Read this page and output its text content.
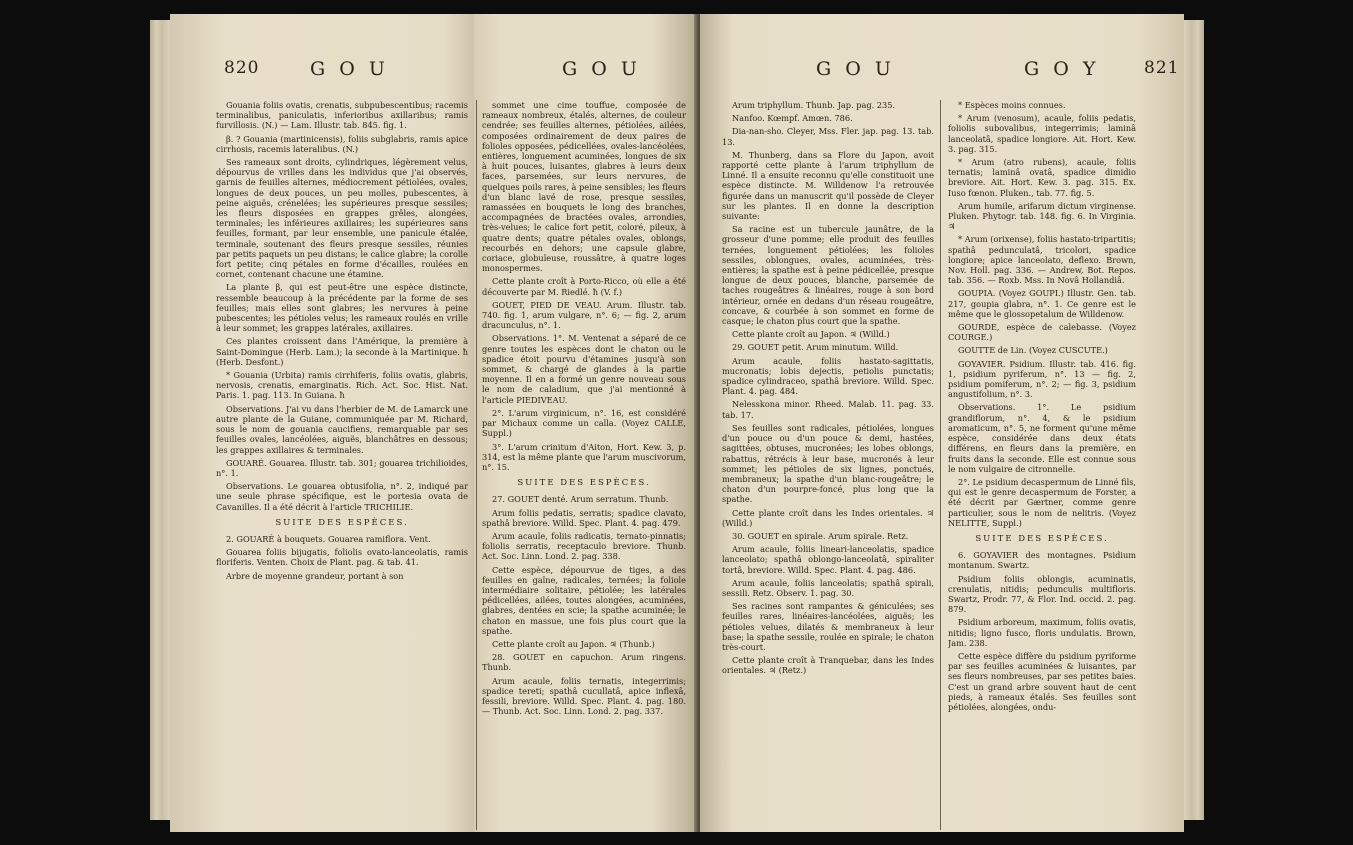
820	G O U

Gouania foliis ovatis, crenatis, subpubescentibus; racemis terminalibus, paniculatis, inferioribus axillaribus; ramis furvillosis. (N.) — Lam. Illustr. tab. 845. fig. 1.

β. ? Gouania (martinicensis), foliis subglabris, ramis apice cirrhosis, racemis lateralibus. (N.)

Ses rameaux sont droits, cylindriques, légèrement velus, dépourvus de vrilles dans les individus que j'ai observés, garnis de feuilles alternes, médiocrement pétiolées, ovales, longues de deux pouces, un peu molles, pubescentes, à peine aiguës, crénelées; les supérieures presque sessiles; les fleurs disposées en grappes grêles, alongées, terminales; les inférieures axillaires; les supérieures sans feuilles, formant, par leur ensemble, une panicule étalée, terminale, soutenant des fleurs presque sessiles, réunies par petits paquets un peu distans; le calice glabre; la corolle fort petite; cinq pétales en forme d'écailles, roulées en cornet, contenant chacune une étamine.

La plante β, qui est peut-être une espèce distincte, ressemble beaucoup à la précédente par la forme de ses feuilles; mais elles sont glabres; les nervures à peine pubescentes; les pétioles velus; les rameaux roulés en vrille à leur sommet; les grappes latérales, axillaires.

Ces plantes croissent dans l'Amérique, la première à Saint-Domingue (Herb. Lam.); la seconde à la Martinique. ħ (Herb. Desfont.)

* Gouania (Urbita) ramis cirrhiferis, foliis ovatis, glabris, nervosis, crenatis, emarginatis. Rich. Act. Soc. Hist. Nat. Paris. 1. pag. 113. In Guiana. ħ

Observations. J'ai vu dans l'herbier de M. de Lamarck une autre plante de la Guiane, communiquée par M. Richard, sous le nom de gouania caucifiens, remarquable par ses feuilles ovales, lancéolées, aiguës, blanchâtres en dessous; les grappes axillaires & terminales.

GOUARÉ. Gouarea. Illustr. tab. 301; gouarea trichilioides, n°. 1.

Observations. Le gouarea obtusifolia, n°. 2, indiqué par une seule phrase spécifique, est le portesia ovata de Cavanilles. Il a été décrit à l'article TRICHILIE.

SUITE DES ESPÈCES.

2. GOUARÉ à bouquets. Gouarea ramiflora. Vent.

Gouarea foliis bijugatis, foliolis ovato-lanceolatis, ramis floriferis. Venten. Choix de Plant. pag. & tab. 41.

Arbre de moyenne grandeur, portant à son

G O U

sommet une cime touffue, composée de rameaux nombreux, étalés, alternes, de couleur cendrée; ses feuilles alternes, pétiolées, ailées, composées ordinairement de deux paires de folioles opposées, pédicellées, ovales-lancéolées, entières, longuement acuminées, longues de six à huit pouces, luisantes, glabres à leurs deux faces, parsemées, sur leurs nervures, de quelques poils rares, à peine sensibles; les fleurs d'un blanc lavé de rose, presque sessiles, ramassées en bouquets le long des branches, accompagnées de bractées ovales, arrondies, très-velues; le calice fort petit, coloré, pileux, à quatre dents; quatre pétales ovales, oblongs, recourbés en dehors; une capsule glabre, coriace, globuleuse, roussâtre, à quatre loges monospermes.

Cette plante croît à Porto-Ricco, où elle a été découverte par M. Riedlé. ħ (V. f.)

GOUET, PIED DE VEAU. Arum. Illustr. tab. 740. fig. 1, arum vulgare, n°. 6; — fig. 2, arum dracunculus, n°. 1.

Observations. 1°. M. Ventenat a séparé de ce genre toutes les espèces dont le chaton ou le spadice étoit pourvu d'étamines jusqu'à son sommet, & chargé de glandes à la partie moyenne. Il en a formé un genre nouveau sous le nom de caladium, que j'ai mentionné à l'article PIEDIVEAU.

2°. L'arum virginicum, n°. 16, est considéré par Michaux comme un calla. (Voyez CALLE, Suppl.)

3°. L'arum crinitum d'Aiton, Hort. Kew. 3, p. 314, est la même plante que l'arum muscivorum, n°. 15.

SUITE DES ESPÈCES.

27. GOUET denté. Arum serratum. Thunb.

Arum foliis pedatis, serratis; spadice clavato, spathâ breviore. Willd. Spec. Plant. 4. pag. 479.

Arum acaule, foliis radicatis, ternato-pinnatis; foliolis serratis, receptaculo breviore. Thunb. Act. Soc. Linn. Lond. 2. pag. 338.

Cette espèce, dépourvue de tiges, a des feuilles en gaîne, radicales, ternées; la foliole intermédiaire solitaire, pétiolée; les latérales pédicellées, ailées, toutes alongées, acuminées, glabres, dentées en scie; la spathe acuminée; le chaton en massue, une fois plus court que la spathe.

Cette plante croît au Japon. ♃ (Thunb.)

28. GOUET en capuchon. Arum ringens. Thunb.

Arum acaule, foliis ternatis, integerrimis; spadice tereti; spathâ cucullatâ, apice inflexâ, fessili, breviore. Willd. Spec. Plant. 4. pag. 180. — Thunb. Act. Soc. Linn. Lond. 2. pag. 337.

G O U

Arum triphyllum. Thunb. Jap. pag. 235.

Nanfoo. Kœmpf. Amœn. 786.

Dia-nan-sho. Cleyer, Mss. Fler. jap. pag. 13. tab. 13.

M. Thunberg, dans sa Flore du Japon, avoit rapporté cette plante à l'arum triphyllum de Linné. Il a ensuite reconnu qu'elle constituoit une espèce distincte. M. Willdenow l'a retrouvée figurée dans un manuscrit qu'il possède de Cleyer sur les plantes. Il en donne la description suivante:

Sa racine est un tubercule jaunâtre, de la grosseur d'une pomme; elle produit des feuilles ternées, longuement pétiolées; les folioles sessiles, oblongues, ovales, acuminées, très-entières; la spathe est à peine pédicellée, presque longue de deux pouces, blanche, parsemée de taches rougeâtres & linéaires, rouge à son bord intérieur, ornée en dedans d'un réseau rougeâtre, concave, & courbée à son sommet en forme de casque; le chaton plus court que la spathe.

Cette plante croît au Japon. ♃ (Willd.)

29. GOUET petit. Arum minutum. Willd.

Arum acaule, foliis hastato-sagittatis, mucronatis; lobis dejectis, petiolis punctatis; spadice cylindraceo, spathâ breviore. Willd. Spec. Plant. 4. pag. 484.

Nelesskona minor. Rheed. Malab. 11. pag. 33. tab. 17.

Ses feuilles sont radicales, pétiolées, longues d'un pouce ou d'un pouce & demi, hastées, sagittées, obtuses, mucronées; les lobes oblongs, rabattus, rétrécis à leur base, mucronés à leur sommet; les pétioles de six lignes, ponctués, membraneux; la spathe d'un blanc-rougeâtre; le chaton d'un pourpre-foncé, plus long que la spathe.

Cette plante croît dans les Indes orientales. ♃ (Willd.)

30. GOUET en spirale. Arum spirale. Retz.

Arum acaule, foliis lineari-lanceolatis, spadice lanceolato; spathâ oblongo-lanceolatâ, spiraliter tortâ, breviore. Willd. Spec. Plant. 4. pag. 486.

Arum acaule, foliis lanceolatis; spathâ spirali, sessili. Retz. Observ. 1. pag. 30.

Ses racines sont rampantes & géniculées; ses feuilles rares, linéaires-lancéolées, aiguës; les pétioles velues, dilatés & membraneux à leur base; la spathe sessile, roulée en spirale; le chaton très-court.

Cette plante croît à Tranquebar, dans les Indes orientales. ♃ (Retz.)

G O Y	821

* Espèces moins connues.

* Arum (venosum), acaule, foliis pedatis, foliolis subovalibus, integerrimis; laminâ lanceolatâ, spadice longiore. Ait. Hort. Kew. 3. pag. 315.

* Arum (atro rubens), acaule, foliis ternatis; laminâ ovatâ, spadice dimidio breviore. Ait. Hort. Kew. 3. pag. 315. Ex. Iuso fœnon. Pluken., tab. 77. fig. 5.

Arum humile, arifarum dictum virginense. Pluken. Phytogr. tab. 148. fig. 6. In Virginia. ♃

* Arum (orixense), foliis hastato-tripartitis; spathâ pedunculatâ, tricolori, spadice longiore; apice lanceolato, deflexo. Brown, Nov. Holl. pag. 336. — Andrew, Bot. Repos. tab. 356. — Roxb. Mss. In Novâ Hollandiâ.

GOUPIA. (Voyez GOUPI.) Illustr. Gen. tab. 217, goupia glabra, n°. 1. Ce genre est le même que le glossopetalum de Willdenow.

GOURDE, espèce de calebasse. (Voyez COURGE.)

GOUTTE de Lin. (Voyez CUSCUTE.)

GOYAVIER. Psidium. Illustr. tab. 416. fig. 1, psidium pyriferum, n°. 13 — fig. 2, psidium pomiferum, n°. 2; — fig. 3, psidium angustifolium, n°. 3.

Observations. 1°. Le psidium grandiflorum, n°. 4, & le psidium aromaticum, n°. 5, ne forment qu'une même espèce, considérée dans deux états différens, en fleurs dans la première, en fruits dans la seconde. Elle est connue sous le nom vulgaire de citronnelle.

2°. Le psidium decaspermum de Linné fils, qui est le genre decaspermum de Forster, a été décrit par Gærtner, comme genre particulier, sous le nom de nelitris. (Voyez NELITTE, Suppl.)

SUITE DES ESPÈCES.

6. GOYAVIER des montagnes. Psidium montanum. Swartz.

Psidium foliis oblongis, acuminatis, crenulatis, nitidis; pedunculis multifloris. Swartz, Prodr. 77, & Flor. Ind. occid. 2. pag. 879.

Psidium arboreum, maximum, foliis ovatis, nitidis; ligno fusco, floris undulatis. Brown, Jam. 238.

Cette espèce diffère du psidium pyriforme par ses feuilles acuminées & luisantes, par ses fleurs nombreuses, par ses petites baies. C'est un grand arbre souvent haut de cent pieds, à rameaux étalés. Ses feuilles sont pétiolées, alongées, ondu-
